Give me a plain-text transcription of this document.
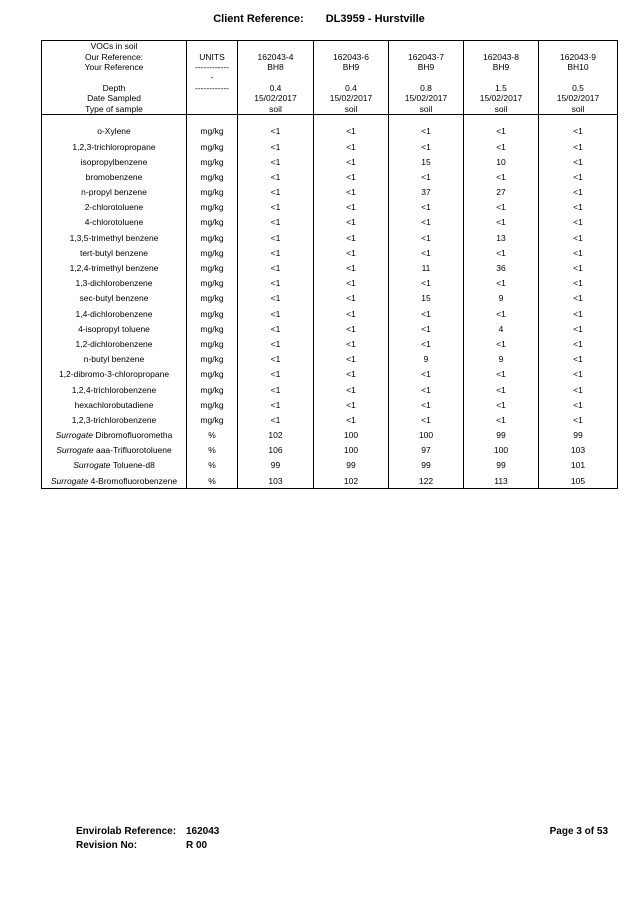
Client Reference: DL3959 - Hurstville
VOCs in soil						
Our Reference:	UNITS	162043-4	162043-6	162043-7	162043-8	162043-9
Your Reference	------------	BH8	BH9	BH9	BH9	BH10
	-					
Depth	------------	0.4	0.4	0.8	1.5	0.5
Date Sampled		15/02/2017	15/02/2017	15/02/2017	15/02/2017	15/02/2017
Type of sample		soil	soil	soil	soil	soil

o-Xylene	mg/kg	<1	<1	<1	<1	<1
1,2,3-trichloropropane	mg/kg	<1	<1	<1	<1	<1
isopropylbenzene	mg/kg	<1	<1	15	10	<1
bromobenzene	mg/kg	<1	<1	<1	<1	<1
n-propyl benzene	mg/kg	<1	<1	37	27	<1
2-chlorotoluene	mg/kg	<1	<1	<1	<1	<1
4-chlorotoluene	mg/kg	<1	<1	<1	<1	<1
1,3,5-trimethyl benzene	mg/kg	<1	<1	<1	13	<1
tert-butyl benzene	mg/kg	<1	<1	<1	<1	<1
1,2,4-trimethyl benzene	mg/kg	<1	<1	11	36	<1
1,3-dichlorobenzene	mg/kg	<1	<1	<1	<1	<1
sec-butyl benzene	mg/kg	<1	<1	15	9	<1
1,4-dichlorobenzene	mg/kg	<1	<1	<1	<1	<1
4-isopropyl toluene	mg/kg	<1	<1	<1	4	<1
1,2-dichlorobenzene	mg/kg	<1	<1	<1	<1	<1
n-butyl benzene	mg/kg	<1	<1	9	9	<1
1,2-dibromo-3-chloropropane	mg/kg	<1	<1	<1	<1	<1
1,2,4-trichlorobenzene	mg/kg	<1	<1	<1	<1	<1
hexachlorobutadiene	mg/kg	<1	<1	<1	<1	<1
1,2,3-trichlorobenzene	mg/kg	<1	<1	<1	<1	<1
Surrogate Dibromofluorometha	%	102	100	100	99	99
Surrogate aaa-Trifluorotoluene	%	106	100	97	100	103
Surrogate Toluene-d8	%	99	99	99	99	101
Surrogate 4-Bromofluorobenzene	%	103	102	122	113	105
Envirolab Reference: 162043
Revision No:	R 00
Page 3 of 53
